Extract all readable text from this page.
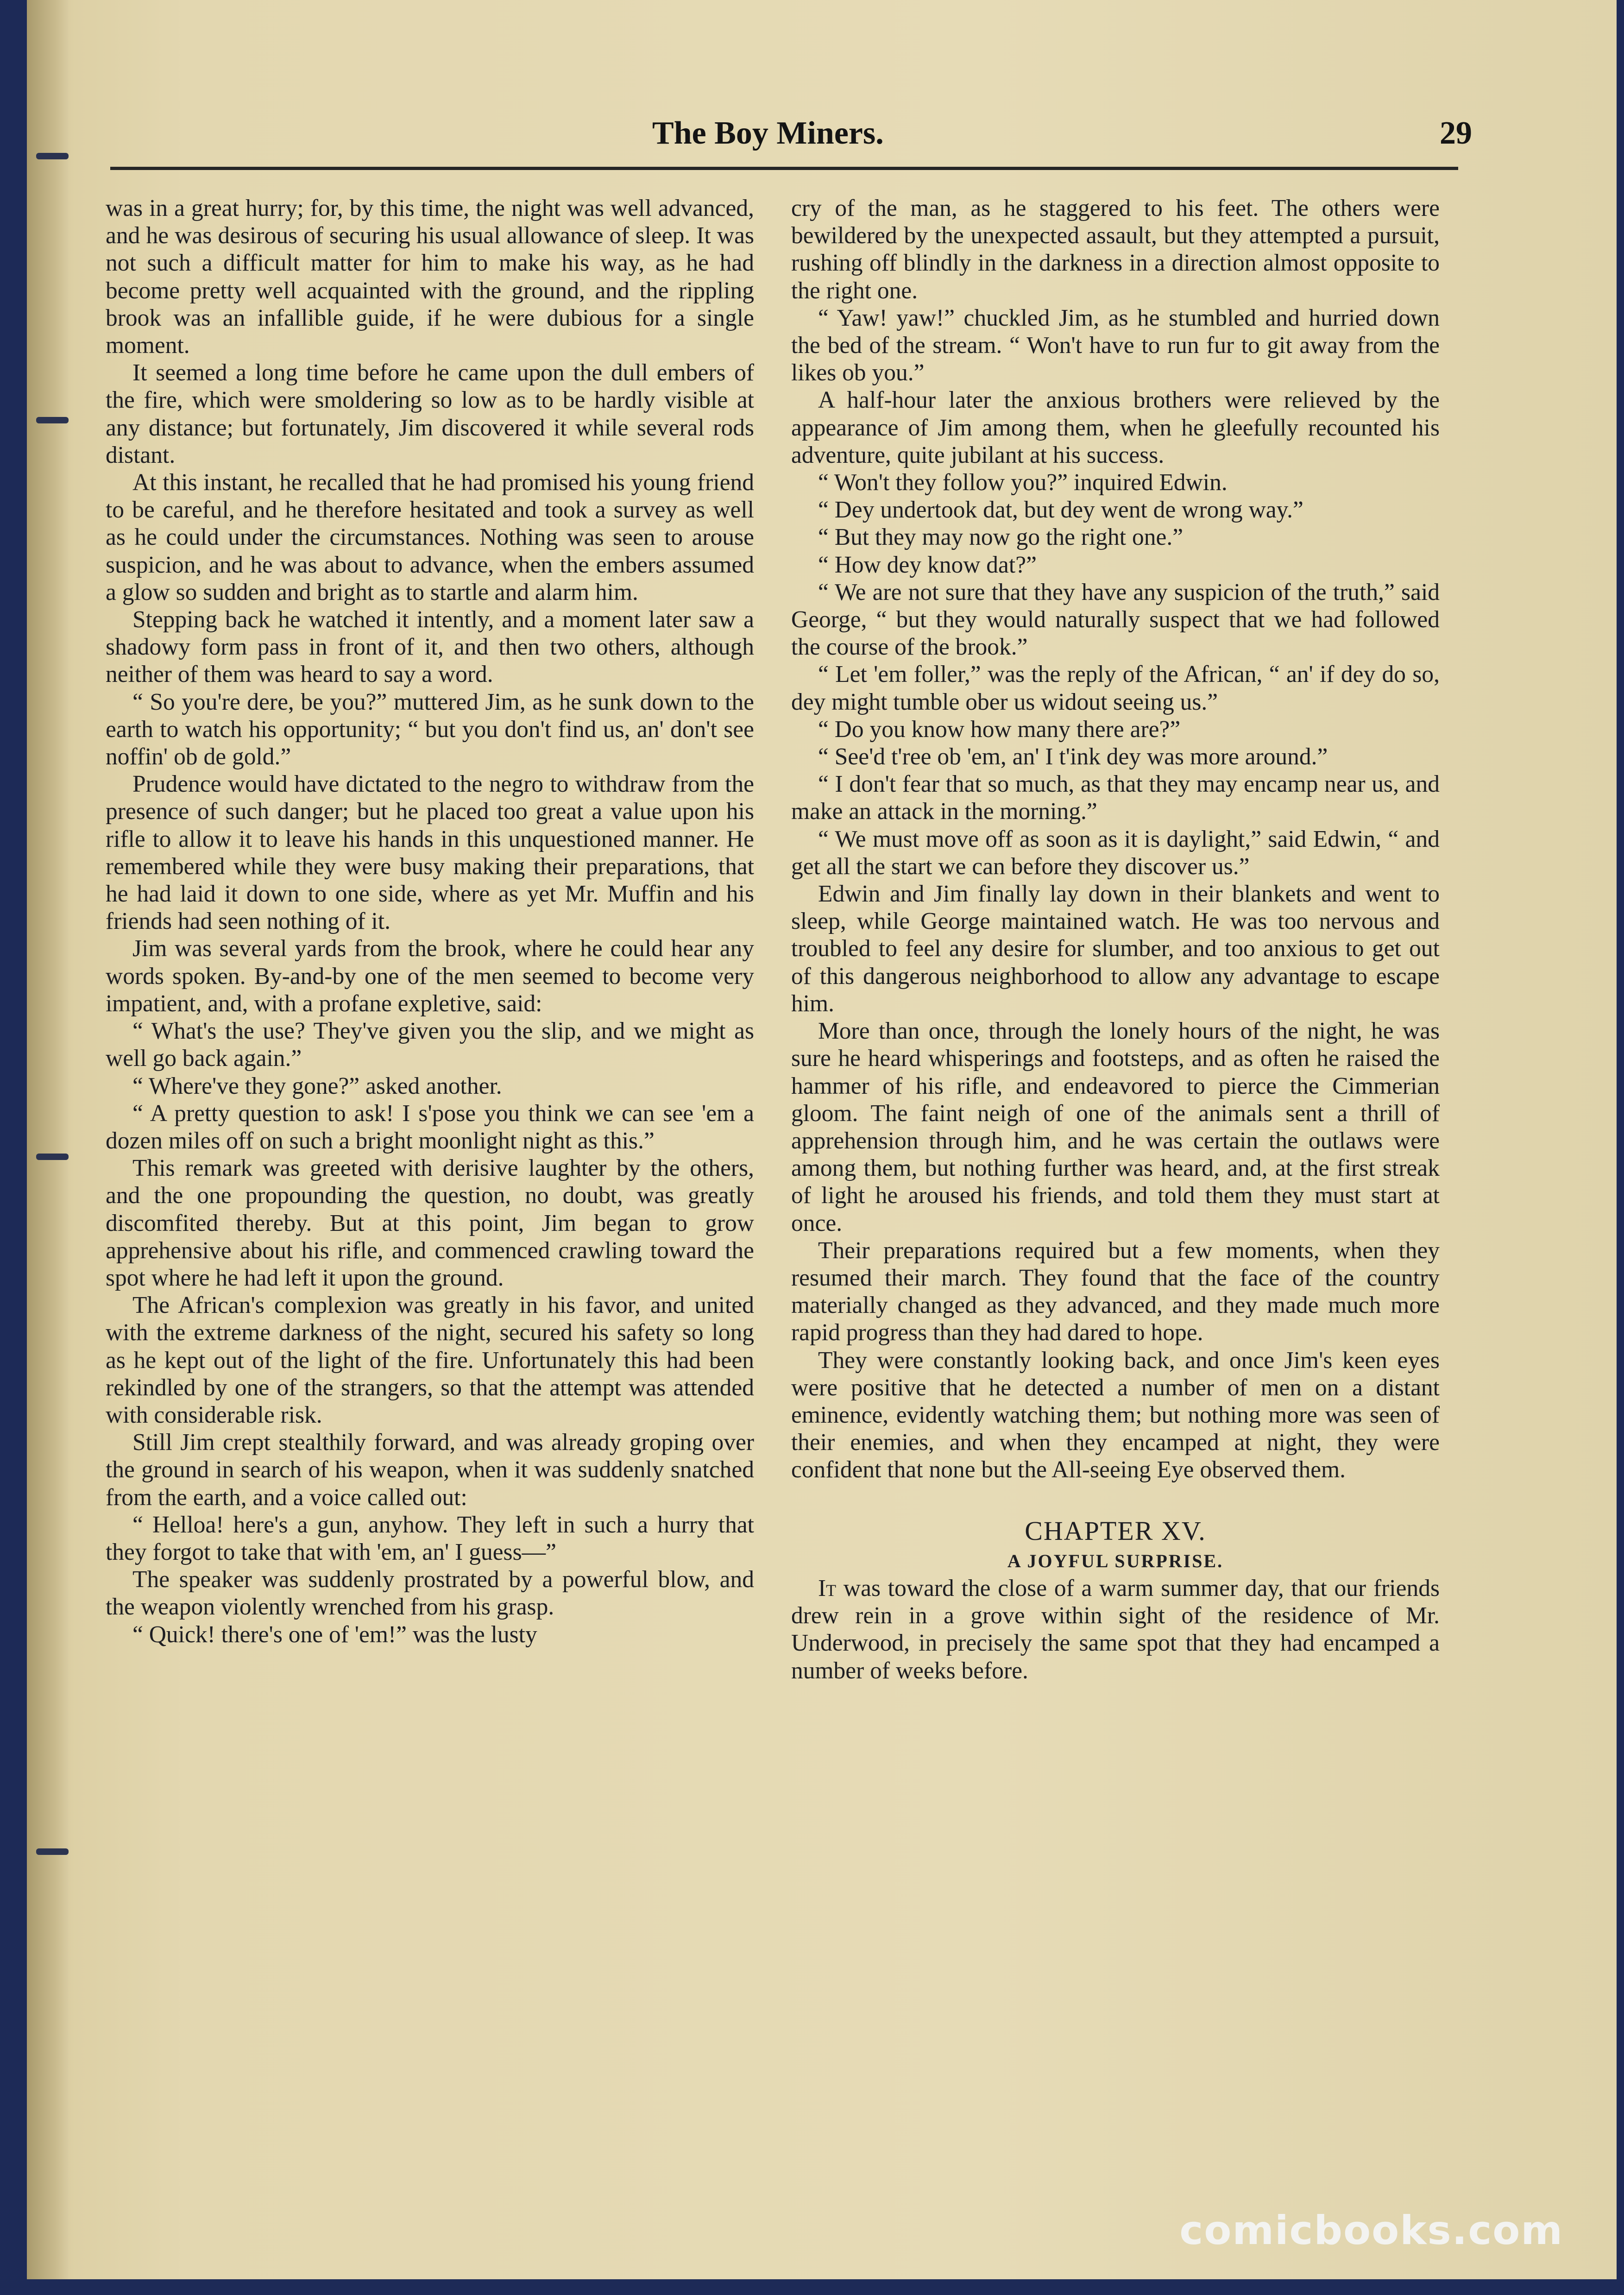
The Boy Miners.	29

was in a great hurry; for, by this time, the night was well advanced, and he was desirous of securing his usual allowance of sleep. It was not such a difficult matter for him to make his way, as he had become pretty well acquainted with the ground, and the rippling brook was an infallible guide, if he were dubious for a single moment.

It seemed a long time before he came upon the dull embers of the fire, which were smoldering so low as to be hardly visible at any distance; but fortunately, Jim discovered it while several rods distant.

At this instant, he recalled that he had promised his young friend to be careful, and he therefore hesitated and took a survey as well as he could under the circumstances. Nothing was seen to arouse suspicion, and he was about to advance, when the embers assumed a glow so sudden and bright as to startle and alarm him.

Stepping back he watched it intently, and a moment later saw a shadowy form pass in front of it, and then two others, although neither of them was heard to say a word.

“ So you're dere, be you?” muttered Jim, as he sunk down to the earth to watch his opportunity; “ but you don't find us, an' don't see noffin' ob de gold.”

Prudence would have dictated to the negro to withdraw from the presence of such danger; but he placed too great a value upon his rifle to allow it to leave his hands in this unquestioned manner. He remembered while they were busy making their preparations, that he had laid it down to one side, where as yet Mr. Muffin and his friends had seen nothing of it.

Jim was several yards from the brook, where he could hear any words spoken. By-and-by one of the men seemed to become very impatient, and, with a profane expletive, said:

“ What's the use? They've given you the slip, and we might as well go back again.”

“ Where've they gone?” asked another.

“ A pretty question to ask! I s'pose you think we can see 'em a dozen miles off on such a bright moonlight night as this.”

This remark was greeted with derisive laughter by the others, and the one propounding the question, no doubt, was greatly discomfited thereby. But at this point, Jim began to grow apprehensive about his rifle, and commenced crawling toward the spot where he had left it upon the ground.

The African's complexion was greatly in his favor, and united with the extreme darkness of the night, secured his safety so long as he kept out of the light of the fire. Unfortunately this had been rekindled by one of the strangers, so that the attempt was attended with considerable risk.

Still Jim crept stealthily forward, and was already groping over the ground in search of his weapon, when it was suddenly snatched from the earth, and a voice called out:

“ Helloa! here's a gun, anyhow. They left in such a hurry that they forgot to take that with 'em, an' I guess—”

The speaker was suddenly prostrated by a powerful blow, and the weapon violently wrenched from his grasp.

“ Quick! there's one of 'em!” was the lusty

cry of the man, as he staggered to his feet. The others were bewildered by the unexpected assault, but they attempted a pursuit, rushing off blindly in the darkness in a direction almost opposite to the right one.

“ Yaw! yaw!” chuckled Jim, as he stumbled and hurried down the bed of the stream. “ Won't have to run fur to git away from the likes ob you.”

A half-hour later the anxious brothers were relieved by the appearance of Jim among them, when he gleefully recounted his adventure, quite jubilant at his success.

“ Won't they follow you?” inquired Edwin.

“ Dey undertook dat, but dey went de wrong way.”

“ But they may now go the right one.”

“ How dey know dat?”

“ We are not sure that they have any suspicion of the truth,” said George, “ but they would naturally suspect that we had followed the course of the brook.”

“ Let 'em foller,” was the reply of the African, “ an' if dey do so, dey might tumble ober us widout seeing us.”

“ Do you know how many there are?”

“ See'd t'ree ob 'em, an' I t'ink dey was more around.”

“ I don't fear that so much, as that they may encamp near us, and make an attack in the morning.”

“ We must move off as soon as it is daylight,” said Edwin, “ and get all the start we can before they discover us.”

Edwin and Jim finally lay down in their blankets and went to sleep, while George maintained watch. He was too nervous and troubled to feel any desire for slumber, and too anxious to get out of this dangerous neighborhood to allow any advantage to escape him.

More than once, through the lonely hours of the night, he was sure he heard whisperings and footsteps, and as often he raised the hammer of his rifle, and endeavored to pierce the Cimmerian gloom. The faint neigh of one of the animals sent a thrill of apprehension through him, and he was certain the outlaws were among them, but nothing further was heard, and, at the first streak of light he aroused his friends, and told them they must start at once.

Their preparations required but a few moments, when they resumed their march. They found that the face of the country materially changed as they advanced, and they made much more rapid progress than they had dared to hope.

They were constantly looking back, and once Jim's keen eyes were positive that he detected a number of men on a distant eminence, evidently watching them; but nothing more was seen of their enemies, and when they encamped at night, they were confident that none but the All-seeing Eye observed them.

CHAPTER XV.
A JOYFUL SURPRISE.

It was toward the close of a warm summer day, that our friends drew rein in a grove within sight of the residence of Mr. Underwood, in precisely the same spot that they had encamped a number of weeks before.

comicbooks.com
